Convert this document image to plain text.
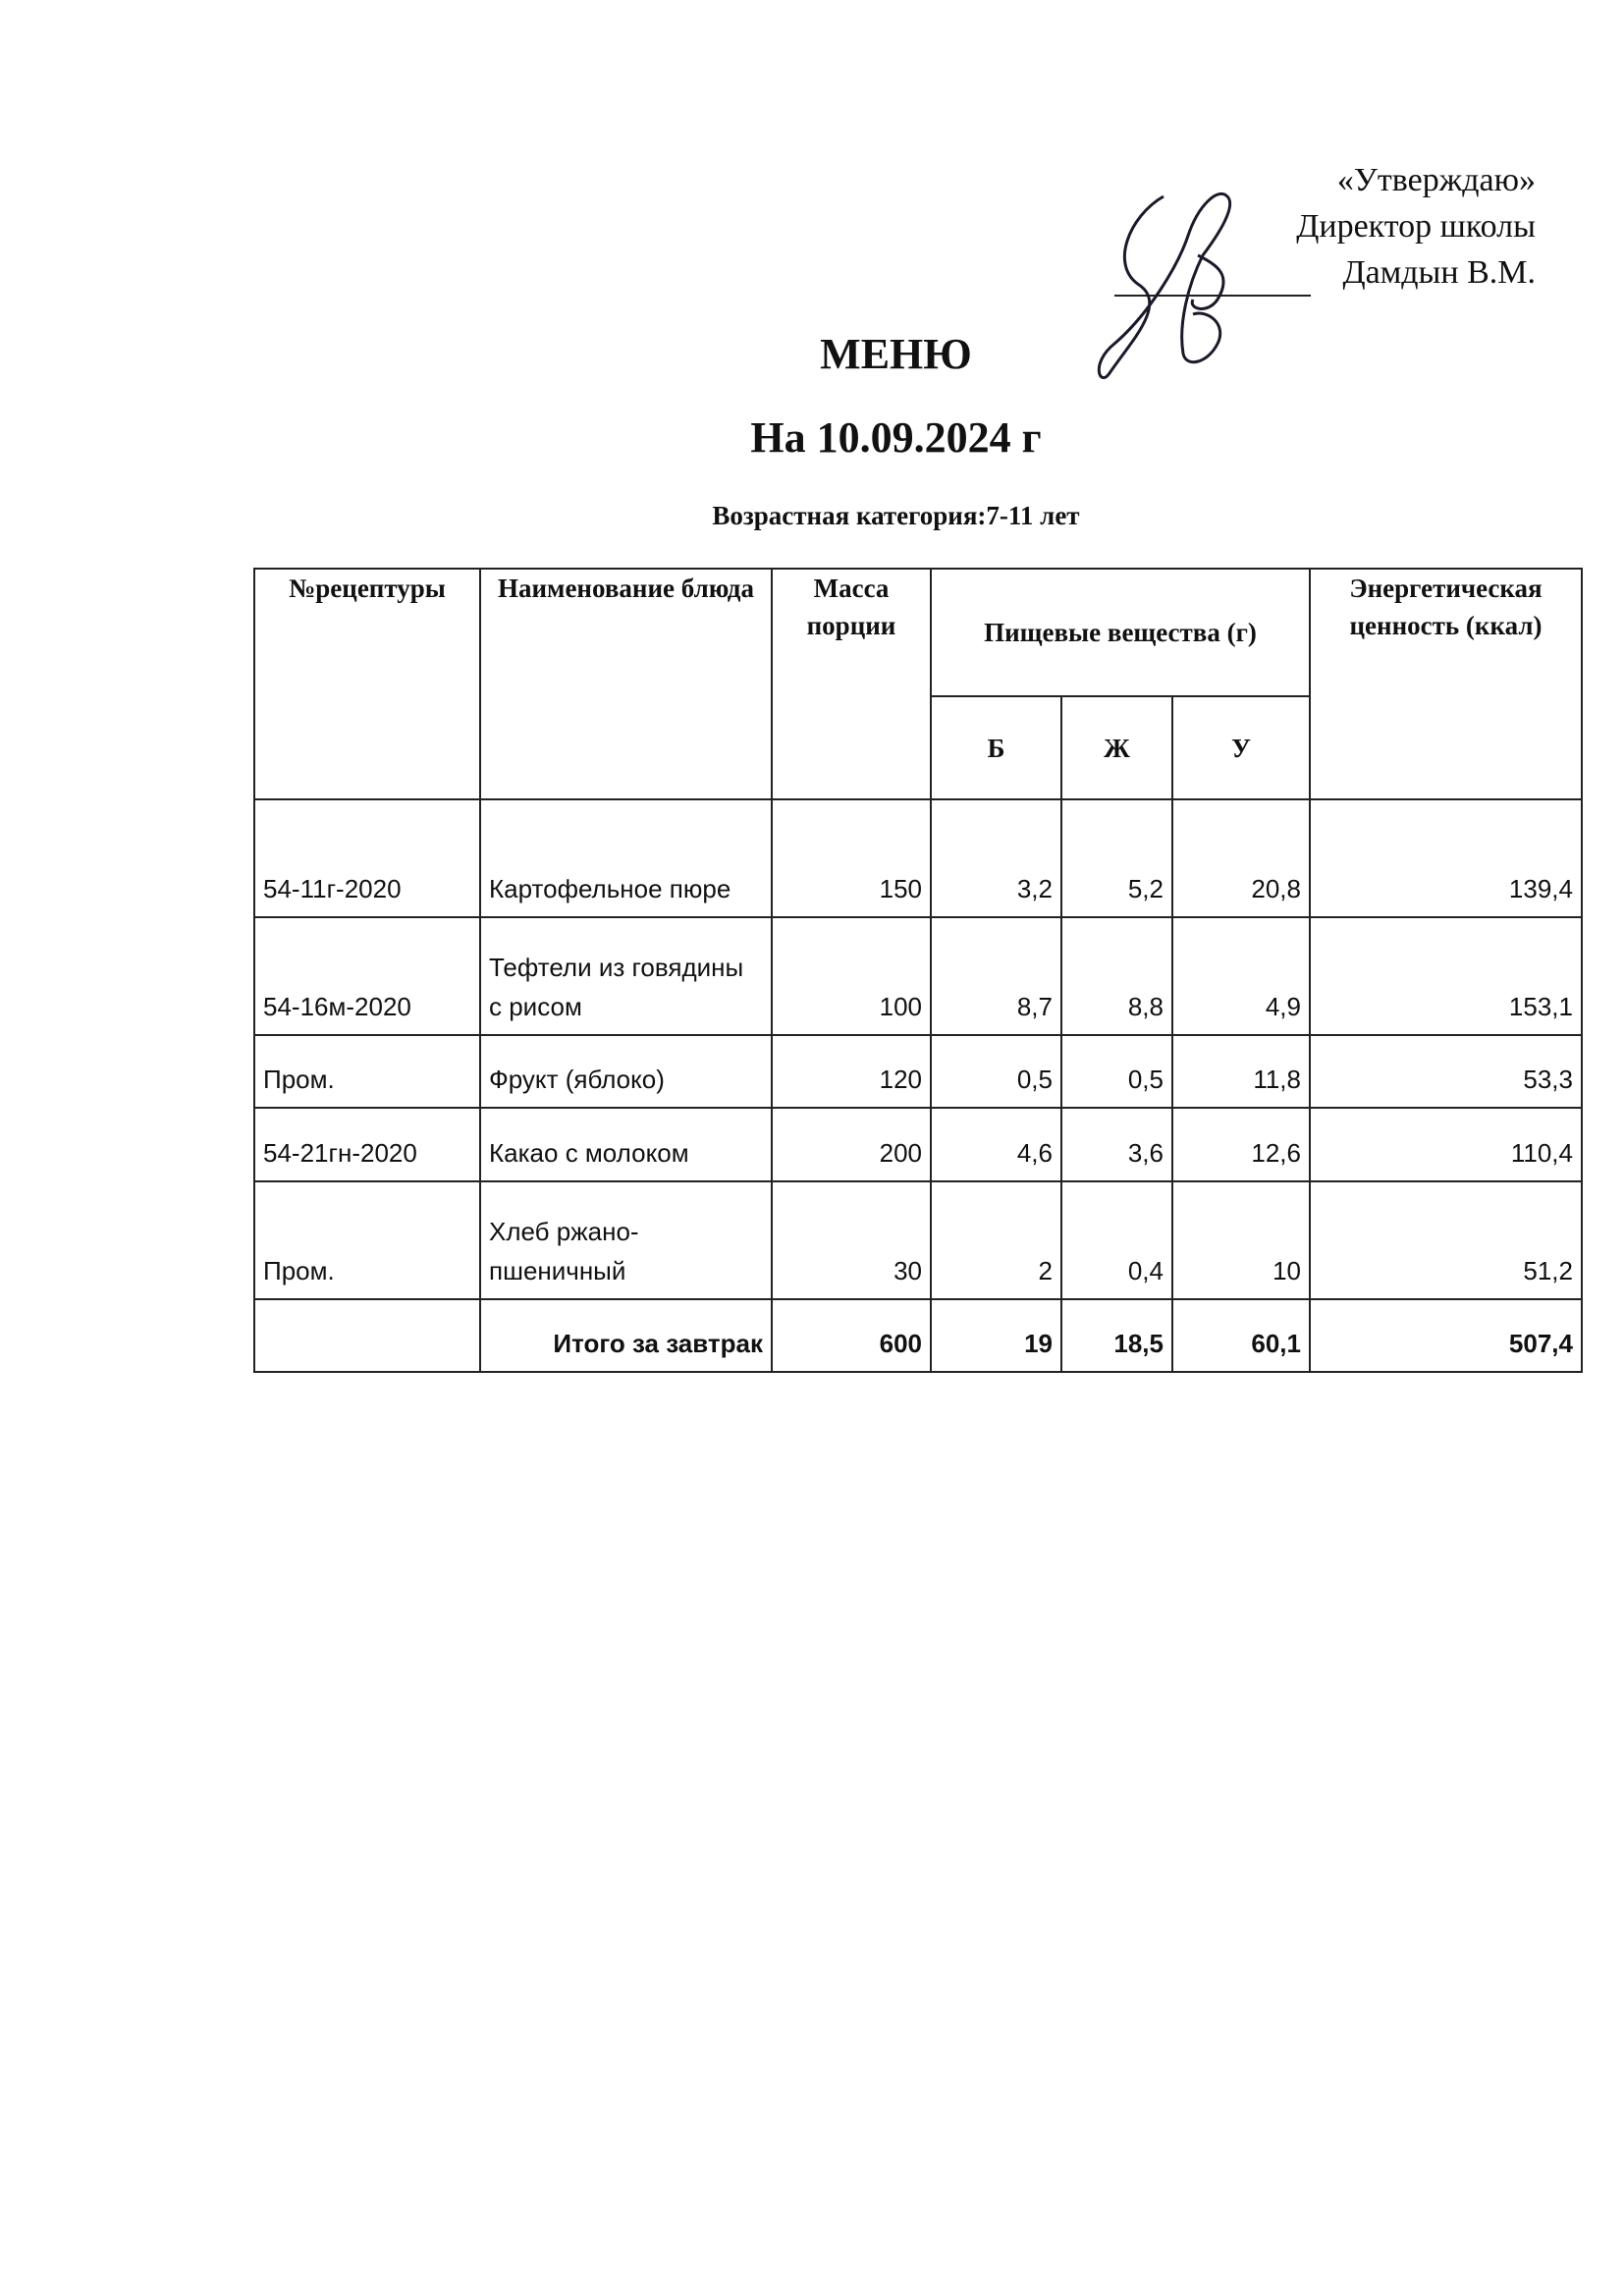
«Утверждаю»
Директор школы
Дамдын В.М.
МЕНЮ
На 10.09.2024 г
Возрастная категория:7-11 лет
№рецептуры	Наименование блюда	Масса порции	Пищевые вещества (г)			Энергетическая ценность (ккал)
			Б	Ж	У	
54-11г-2020	Картофельное пюре	150	3,2	5,2	20,8	139,4
54-16м-2020	Тефтели из говядины с рисом	100	8,7	8,8	4,9	153,1
Пром.	Фрукт (яблоко)	120	0,5	0,5	11,8	53,3
54-21гн-2020	Какао с молоком	200	4,6	3,6	12,6	110,4
Пром.	Хлеб ржано-пшеничный	30	2	0,4	10	51,2
	Итого за завтрак	600	19	18,5	60,1	507,4
